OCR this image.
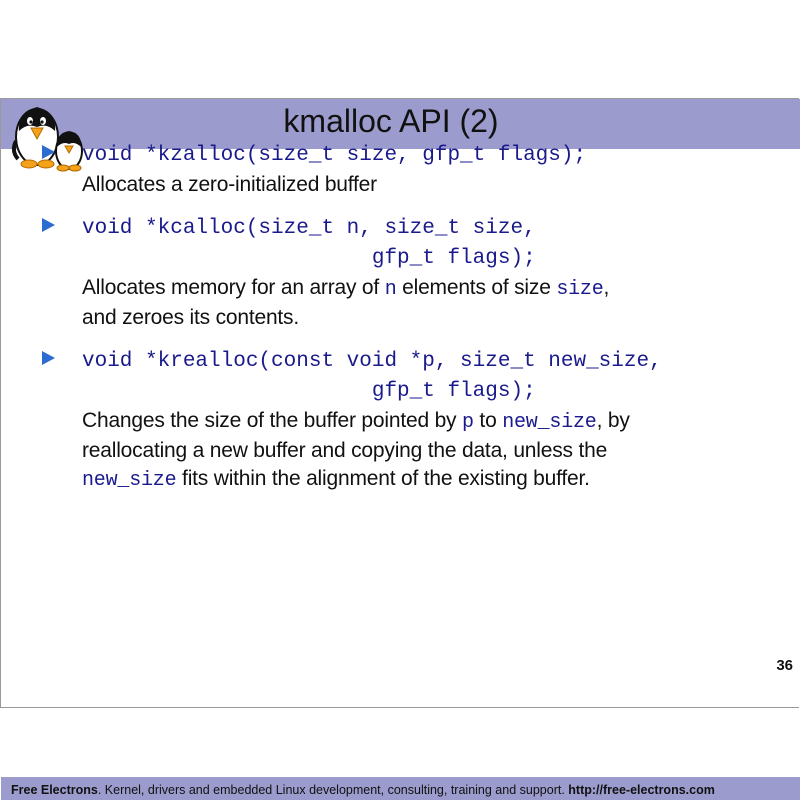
kmalloc API (2)
36
Free Electrons. Kernel, drivers and embedded Linux development, consulting, training and support. http://free-electrons.com
void *kzalloc(size_t size, gfp_t flags);
Allocates a zero-initialized buffer
void *kcalloc(size_t n, size_t size,
gfp_t flags);
Allocates memory for an array of n elements of size size,
and zeroes its contents.
void *krealloc(const void *p, size_t new_size,
gfp_t flags);
Changes the size of the buffer pointed by p to new_size, by
reallocating a new buffer and copying the data, unless the
new_size fits within the alignment of the existing buffer.
